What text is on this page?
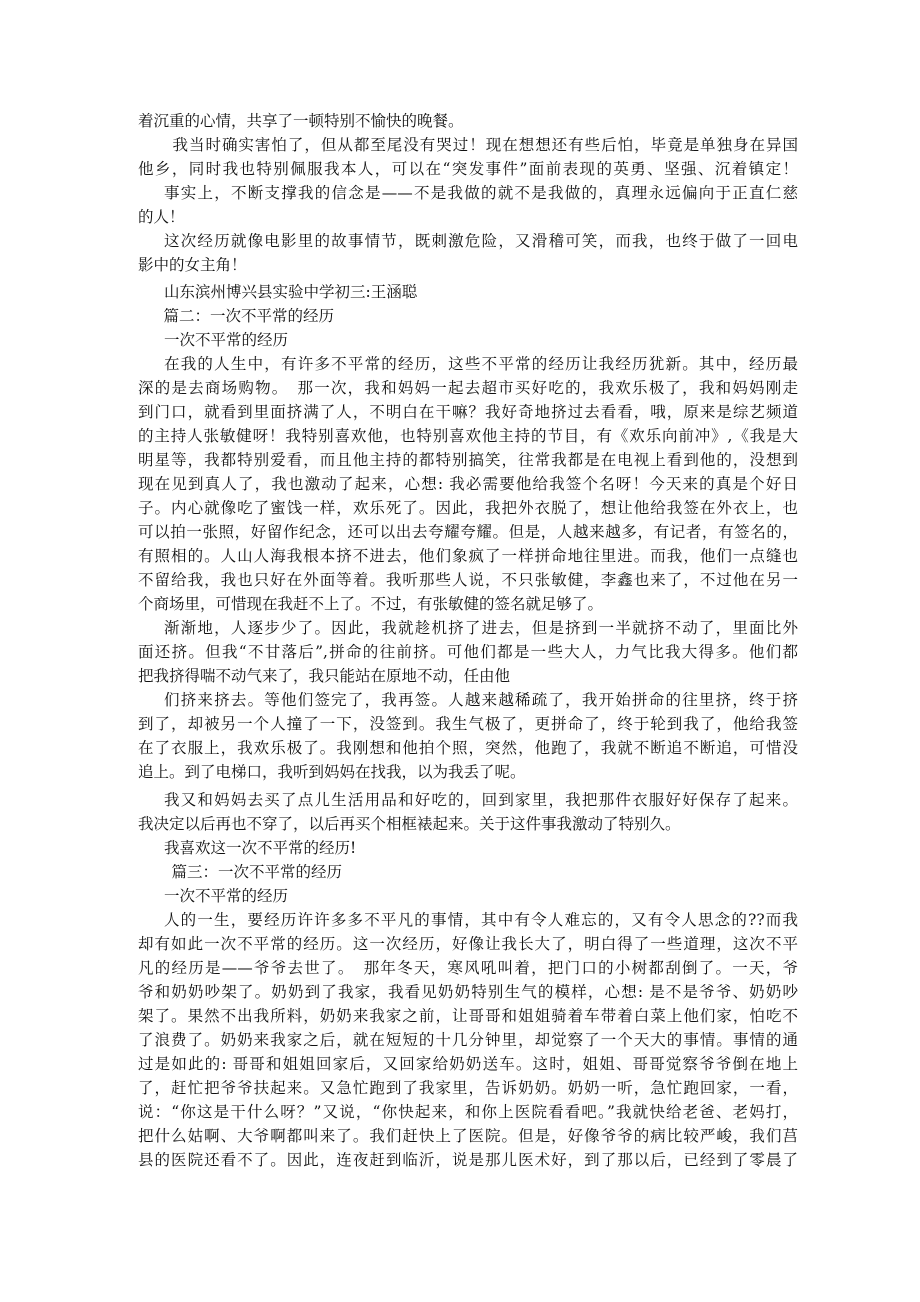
着沉重的心情，共享了一顿特别不愉快的晚餐。
　我当时确实害怕了，但从都至尾没有哭过！现在想想还有些后怕，毕竟是单独身在异国
他乡，同时我也特别佩服我本人，可以在“突发事件”面前表现的英勇、坚强、沉着镇定！
事实上，不断支撑我的信念是——不是我做的就不是我做的，真理永远偏向于正直仁慈
的人！
这次经历就像电影里的故事情节，既刺激危险，又滑稽可笑，而我，也终于做了一回电
影中的女主角！
山东滨州博兴县实验中学初三:王涵聪
　篇二：一次不平常的经历
一次不平常的经历
在我的人生中，有许多不平常的经历，这些不平常的经历让我经历犹新。其中，经历最
深的是去商场购物。　那一次，我和妈妈一起去超市买好吃的，我欢乐极了，我和妈妈刚走
到门口，就看到里面挤满了人，不明白在干嘛？我好奇地挤过去看看，哦，原来是综艺频道
的主持人张敏健呀！我特别喜欢他，也特别喜欢他主持的节目，有《欢乐向前冲》,《我是大
明星等，我都特别爱看，而且他主持的都特别搞笑，往常我都是在电视上看到他的，没想到
现在见到真人了，我也激动了起来，心想: 我必需要他给我签个名呀！今天来的真是个好日
子。内心就像吃了蜜饯一样，欢乐死了。因此，我把外衣脱了，想让他给我签在外衣上，也
可以拍一张照，好留作纪念，还可以出去夸耀夸耀。但是，人越来越多，有记者，有签名的，
有照相的。人山人海我根本挤不进去，他们象疯了一样拼命地往里进。而我，他们一点缝也
不留给我，我也只好在外面等着。我听那些人说，不只张敏健，李鑫也来了，不过他在另一
个商场里，可惜现在我赶不上了。不过，有张敏健的签名就足够了。
渐渐地，人逐步少了。因此，我就趁机挤了进去，但是挤到一半就挤不动了，里面比外
面还挤。但我“不甘落后”,拼命的往前挤。可他们都是一些大人，力气比我大得多。他们都
把我挤得喘不动气来了，我只能站在原地不动，任由他
们挤来挤去。等他们签完了，我再签。人越来越稀疏了，我开始拼命的往里挤，终于挤
到了，却被另一个人撞了一下，没签到。我生气极了，更拼命了，终于轮到我了，他给我签
在了衣服上，我欢乐极了。我刚想和他拍个照，突然，他跑了，我就不断追不断追，可惜没
追上。到了电梯口，我听到妈妈在找我，以为我丢了呢。
我又和妈妈去买了点儿生活用品和好吃的，回到家里，我把那件衣服好好保存了起来。
我决定以后再也不穿了，以后再买个相框裱起来。关于这件事我激动了特别久。
我喜欢这一次不平常的经历!
　篇三：一次不平常的经历
一次不平常的经历
人的一生，要经历许许多多不平凡的事情，其中有令人难忘的，又有令人思念的??而我
却有如此一次不平常的经历。这一次经历，好像让我长大了，明白得了一些道理，这次不平
凡的经历是——爷爷去世了。　那年冬天，寒风吼叫着，把门口的小树都刮倒了。一天，爷
爷和奶奶吵架了。奶奶到了我家，我看见奶奶特别生气的模样，心想: 是不是爷爷、奶奶吵
架了。果然不出我所料，奶奶来我家之前，让哥哥和姐姐骑着车带着白菜上他们家，怕吃不
了浪费了。奶奶来我家之后，就在短短的十几分钟里，却觉察了一个天大的事情。事情的通
过是如此的: 哥哥和姐姐回家后，又回家给奶奶送车。这时，姐姐、哥哥觉察爷爷倒在地上
了，赶忙把爷爷扶起来。又急忙跑到了我家里，告诉奶奶。奶奶一听，急忙跑回家，一看，
说：“你这是干什么呀？”又说，“你快起来，和你上医院看看吧。”我就快给老爸、老妈打，
把什么姑啊、大爷啊都叫来了。我们赶快上了医院。但是，好像爷爷的病比较严峻，我们莒
县的医院还看不了。因此，连夜赶到临沂，说是那儿医术好，到了那以后，已经到了零晨了
